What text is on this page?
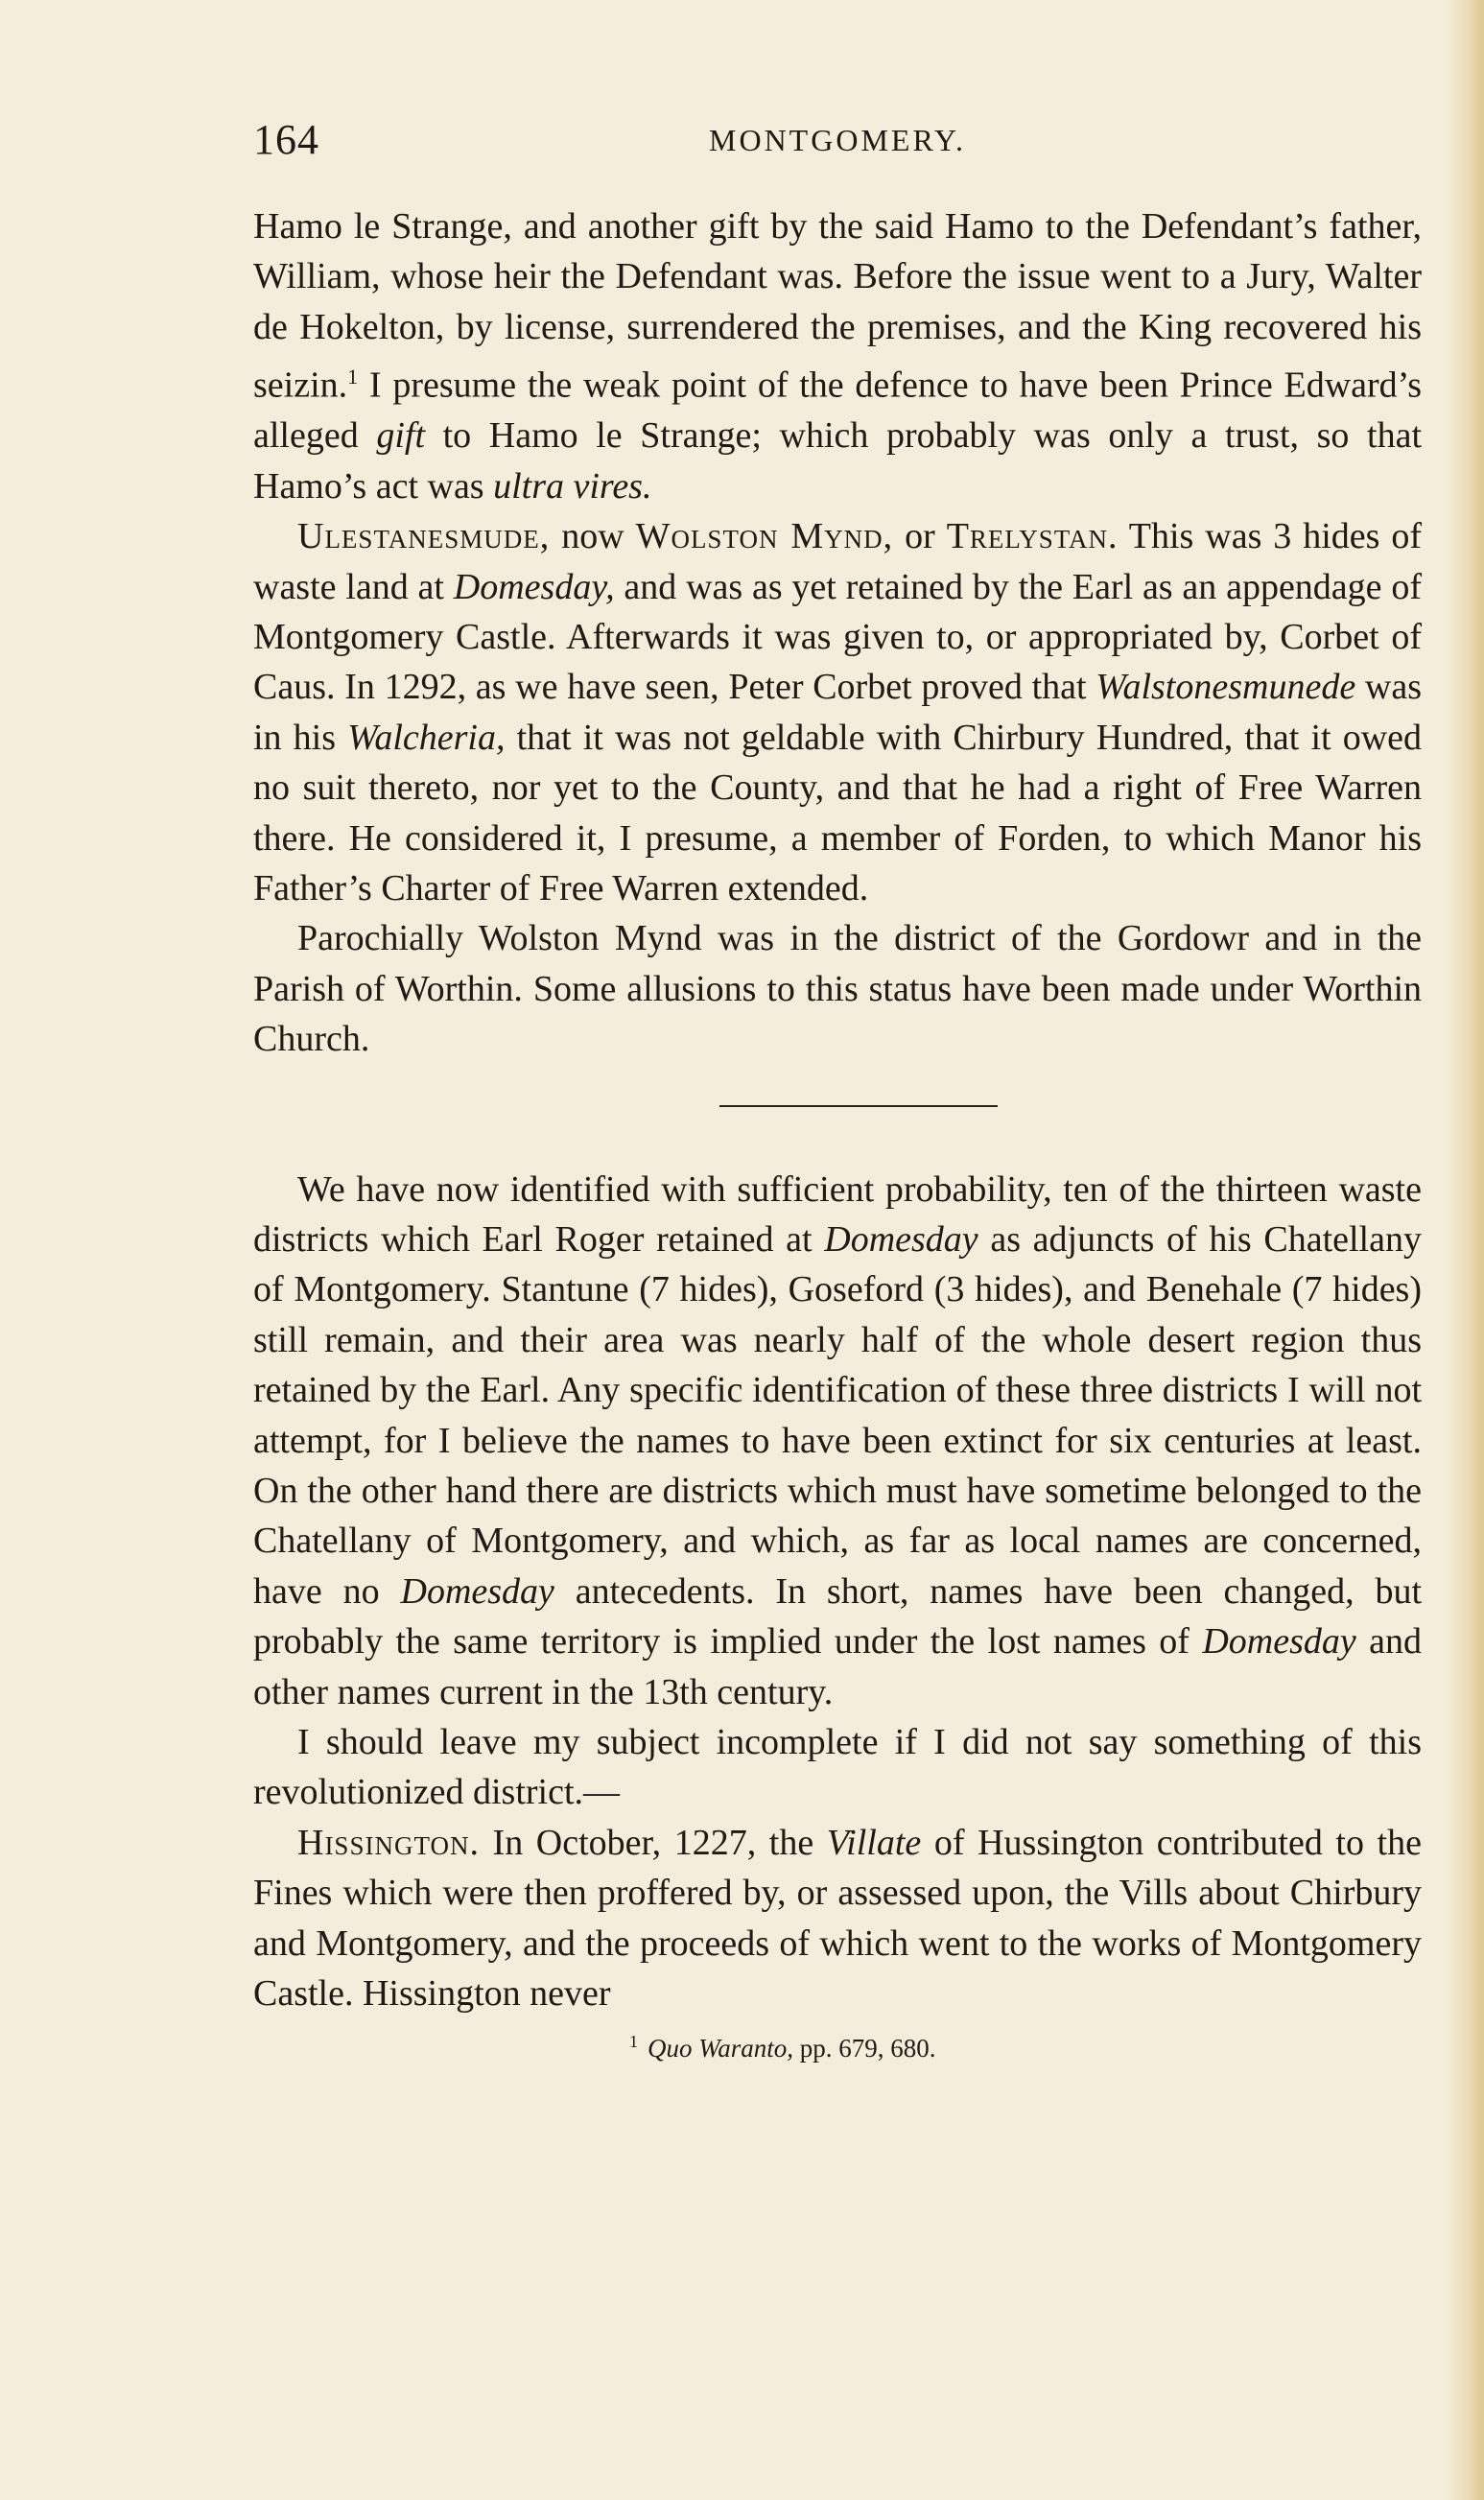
164	MONTGOMERY.

Hamo le Strange, and another gift by the said Hamo to the Defendant’s father, William, whose heir the Defendant was. Before the issue went to a Jury, Walter de Hokelton, by license, surrendered the premises, and the King recovered his seizin.$^1$ I presume the weak point of the defence to have been Prince Edward’s alleged gift to Hamo le Strange; which probably was only a trust, so that Hamo’s act was ultra vires.

Ulestanesmude, now Wolston Mynd, or Trelystan. This was 3 hides of waste land at Domesday, and was as yet retained by the Earl as an appendage of Montgomery Castle. Afterwards it was given to, or appropriated by, Corbet of Caus. In 1292, as we have seen, Peter Corbet proved that Walstonesmunede was in his Walcheria, that it was not geldable with Chirbury Hundred, that it owed no suit thereto, nor yet to the County, and that he had a right of Free Warren there. He considered it, I presume, a member of Forden, to which Manor his Father’s Charter of Free Warren extended.

Parochially Wolston Mynd was in the district of the Gordowr and in the Parish of Worthin. Some allusions to this status have been made under Worthin Church.

We have now identified with sufficient probability, ten of the thirteen waste districts which Earl Roger retained at Domesday as adjuncts of his Chatellany of Montgomery. Stantune (7 hides), Goseford (3 hides), and Benehale (7 hides) still remain, and their area was nearly half of the whole desert region thus retained by the Earl. Any specific identification of these three districts I will not attempt, for I believe the names to have been extinct for six centuries at least. On the other hand there are districts which must have sometime belonged to the Chatellany of Montgomery, and which, as far as local names are concerned, have no Domesday antecedents. In short, names have been changed, but probably the same territory is implied under the lost names of Domesday and other names current in the 13th century.

I should leave my subject incomplete if I did not say something of this revolutionized district.—

Hissington. In October, 1227, the Villate of Hussington contributed to the Fines which were then proffered by, or assessed upon, the Vills about Chirbury and Montgomery, and the proceeds of which went to the works of Montgomery Castle. Hissington never

$^1$ Quo Waranto, pp. 679, 680.
